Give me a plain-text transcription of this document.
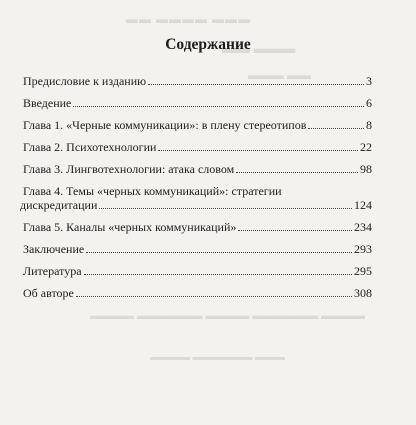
▬▬ ▬▬▬▬ ▬▬▬
▬▬ ▬▬▬
▬▬▬ ▬▬
▬▬▬▬ ▬▬▬▬▬▬ ▬▬▬▬ ▬▬▬▬▬▬ ▬▬▬▬
▬▬▬▬ ▬▬▬▬▬▬ ▬▬▬
Содержание
Предисловие к изданию	3
Введение	6
Глава 1. «Черные коммуникации»: в плену стереотипов	8
Глава 2. Психотехнологии	22
Глава 3. Лингвотехнологии: атака словом	98
Глава 4. Темы «черных коммуникаций»: стратегии
дискредитации	124
Глава 5. Каналы «черных коммуникаций»	234
Заключение	293
Литература	295
Об авторе	308
